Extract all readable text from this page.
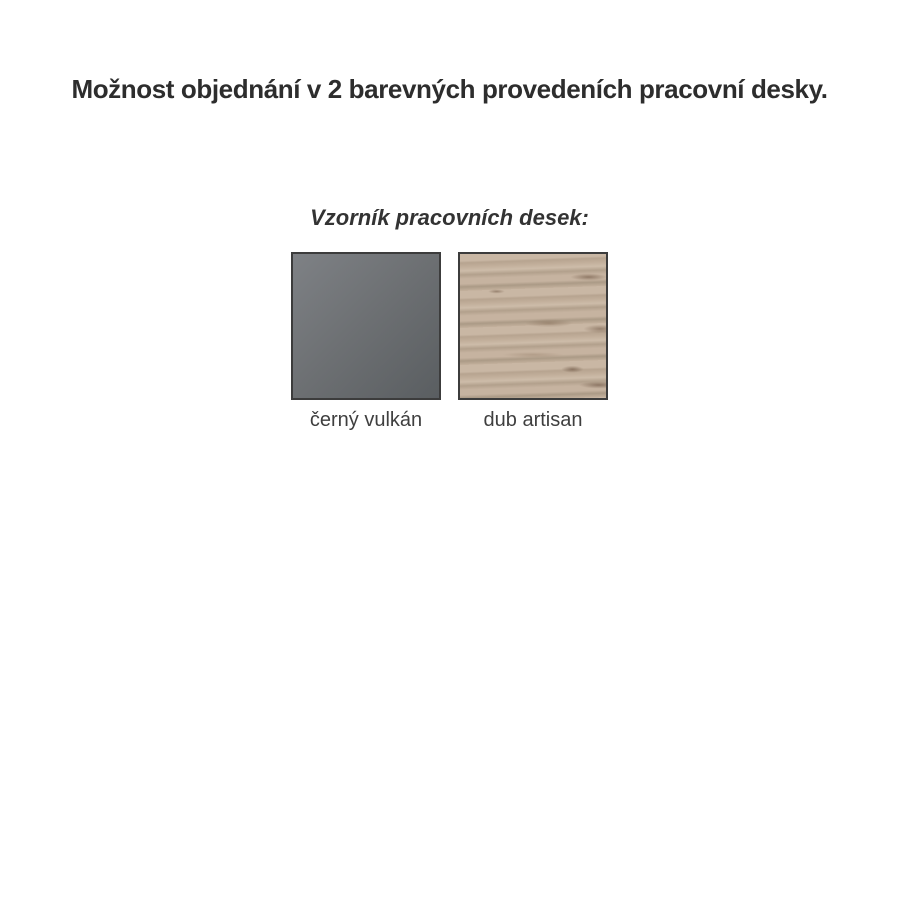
Možnost objednání v 2 barevných provedeních pracovní desky.
Vzorník pracovních desek:
černý vulkán	dub artisan
